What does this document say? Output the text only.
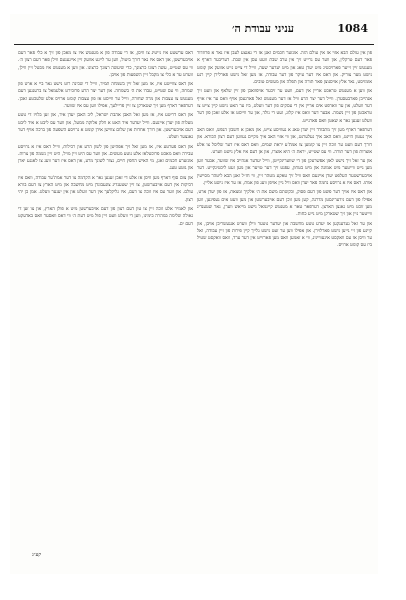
עניני עבודת ה׳	1084

פון אין עולם הבא אזוי אז אין עולם הזה. אונזער חכמים זאגן אז די גאנצע לעבן איז נאר א פרוזדור פאר דעם טרקלין, און ווער עס גרייט זיך אין ערב שבת וועט עסן אין שבת. דעריבער דארף א מענטש זיין זייער פארזיכטיג מיט יעדן טאג און מיט יעדער שעה, ווייל די צייט גייט אוועק און קומט נישט מער צוריק. און דאס איז דער עיקר פון דער עבודה, אז מען זאל נישט פארלירן קיין רגע אומזיסט, נאר אלץ אויסנוצן פאר תורה און תפלה און מעשים טובים.

און ווען א מענטש טראכט אריין אין דעם, וועט ער זיכער אויפוואכן פון זיין שלאף און וועט זיך אנהייבן פארבעסערן. ווייל דער יצר הרע וויל אז דער מענטש זאל פארגעסן אויף וואס ער איז אויף דער וועלט, און ער ווארפט אים אריין אין די עסקים פון דער וועלט, ביז ער האט נישט קיין צייט צו טראכטן פון זיין נשמה. אבער דער וואס איז קלוג, זעט די נולד, און ער ווייסט אז אלע זאכן פון דער וועלט זענען נאר א שאטן וואס פארגייט.

דערפאר דארף מען זיך מתבודד זיין יעדן טאג א געוויסע צייט, און מאכן א חשבון הנפש, וואס האב איך געטון היינט, וואס האב איך געלערנט, און ווי אזוי האב איך מקיים געווען דעם רצון הבורא. און דורך דעם וועט ער זוכה זיין צו קומען צו אמת'ע יראת שמים, וואס דאס איז דער שליסל צו אלע אוצרות פון דער תורה. ווי עס שטייט, יראת ה׳ היא אוצרו, און אן דעם איז אלץ נישט ווערט.

און ער זאל זיך נישט לאזן אפשרעקן פון די שוועריגקייטן, ווייל יעדער אנהייב איז שווער, אבער ווען מען גייט ווייטער מיט אמונה און מיט בטחון, עפנט זיך דער טויער און מען זעט ליכטיגקייט. דער אויבערשטער העלפט יעדן איינעם וואס וויל זיך טאקע מטהר זיין, ווי חז״ל זאגן הבא ליטהר מסייעין אותו. דאס איז א גרויסע נחמה פאר יעדן וואס וויל גיין אויפן וועג פון אמת, אז ער איז נישט אליין.

און דאס איז אויך דער פשט פון דעם פסוק, ובקשתם משם את ה׳ אלקיך ומצאת, אז פון יעדן ארט, אפילו פון דעם נידעריגסטן מדרגה, קען מען זוכן דעם אויבערשטן און מען וועט אים געפינען, ווען מען זוכט מיט גאנצן הארצן. דערפאר טאר א מענטש קיינמאל נישט מייאש ווערן, נאר שטענדיג ווייטער גיין און זיך שטארקן מיט נייע כחות.

און ער זאל געדענקען אז יעדע גוטע מחשבה און יעדער גוטער ווילן ווערט אנגעשריבן אויבן, און קיינע פון זיי גייען נישט פארלוירן. און אפילו ווען ער זעט נישט גלייך קיין פירות פון זיין עבודה, זאל ער וויסן אז עס וואקסט אינעווייניג, ווי א זאמען וואס מען פארזייט אין דער ערד, וואס וואקסט שטיל ביז עס קומט ארויס.

דאס ערשטע איז נייטיג צו וויסן, אז די עבודה פון א מענטש איז צו מאכן פון זיך א כלי פאר דעם אויבערשטן, און דאס איז נאר דורך ביטול, ווען ער לייגט אוועק זיין אייגענעם ווילן פאר דעם רצון ה׳. ווי עס שטייט, עשה רצונו כרצונך, כדי שיעשה רצונך כרצונו. און ווען א מענטש איז מבטל זיין ווילן, ווערט ער א כלי צו מקבל זיין השפעות פון אויבן.

און דאס צווייטע איז, אז מען זאל זיין בשמחה תמיד, ווייל די שכינה רוט נישט נאר ביי א ארט פון שמחה, ווי עס שטייט, עבדו את ה׳ בשמחה. און דער יצר הרע פרובירט אלעמאל צו ברענגען דעם מענטש צו עצבות און מרה שחורה, ווייל ער ווייסט אז פון עצבות קומט ארויס אלע שלעכטע זאכן. דערפאר דארף מען זיך שטארקן צו זיין פריילעך, אפילו ווען עס איז שווער.

און דאס דריטע איז, אז מען זאל האבן אהבת ישראל, ליב האבן יעדן איד, און זען בלויז די גוטע מעלות פון יעדן איינעם. ווייל יעדער איד האט א חלק אלוקה ממעל, און ווער עס ליבט א איד ליבט דעם אויבערשטן. און דורך אחדות און שלום צווישן אידן קומט א גרויסע השפעה פון ברכה אויף דער גאנצער וועלט.

און דאס פערטע איז, אז מען זאל זיך אפהיטן פון לשון הרע און רכילות, ווייל דאס איז א גרויסע עבירה וואס מאכט פרוכטלאז אלע גוטע מעשים. און ווער עס היט זיין מויל, היט זיין נשמה פון צרות. אונזערע חכמים זאגן, מי האיש החפץ חיים, נצור לשונך מרע, און דאס איז דער וועג צו לאנגע יארן און גוטע טעג.

און צום סוף דארף מען וויסן אז אלע די זאכן זענען נאר א הקדמה צו דער אמת'ער עבודה, וואס איז דביקות אין דעם אויבערשטן, צו זיין שטענדיג צוגעבונדן מיט מחשבה און מיט הארץ צו דעם בורא עולם. און ווער עס איז זוכה צו דעם, איז גליקלעך אין דער וועלט און אין יענער וועלט. אמן כן יהי רצון.

און לאמיר אלע זוכה זיין צו טון דעם רצון פון דעם אויבערשטן מיט א פולן הארץ, און צו זען די גאולה שלימה במהרה בימינו, ווען די וועלט וועט זיין פול מיט דעת ה׳ ווי דאס וואסער וואס באדעקט דעם ים.

קע״ג
